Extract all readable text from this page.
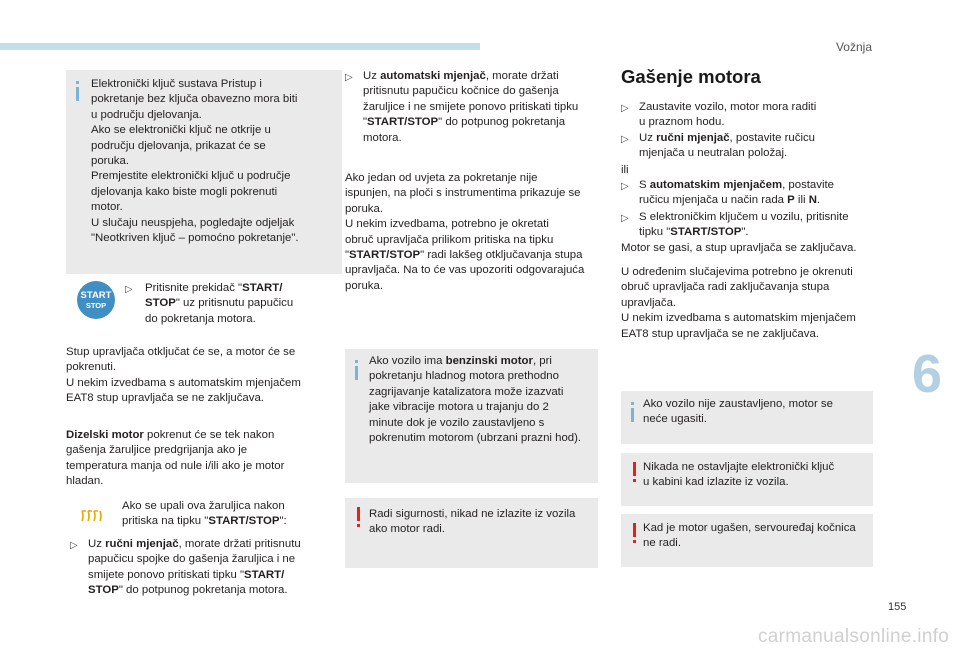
Vožnja
6
155
carmanualsonline.info

Elektronički ključ sustava Pristup i
pokretanje bez ključa obavezno mora biti
u području djelovanja.
Ako se elektronički ključ ne otkrije u
području djelovanja, prikazat će se
poruka.
Premjestite elektronički ključ u područje
djelovanja kako biste mogli pokrenuti
motor.
U slučaju neuspjeha, pogledajte odjeljak
"Neotkriven ključ – pomoćno pokretanje".

START
STOP
▷ Pritisnite prekidač "START/
STOP" uz pritisnutu papučicu
do pokretanja motora.

Stup upravljača otključat će se, a motor će se
pokrenuti.
U nekim izvedbama s automatskim mjenjačem
EAT8 stup upravljača se ne zaključava.

Dizelski motor pokrenut će se tek nakon
gašenja žaruljice predgrijanja ako je
temperatura manja od nule i/ili ako je motor
hladan.

Ako se upali ova žaruljica nakon
pritiska na tipku "START/STOP":

▷ Uz ručni mjenjač, morate držati pritisnutu
papučicu spojke do gašenja žaruljica i ne
smijete ponovo pritiskati tipku "START/
STOP" do potpunog pokretanja motora.

▷ Uz automatski mjenjač, morate držati
pritisnutu papučicu kočnice do gašenja
žaruljice i ne smijete ponovo pritiskati tipku
"START/STOP" do potpunog pokretanja
motora.

Ako jedan od uvjeta za pokretanje nije
ispunjen, na ploči s instrumentima prikazuje se
poruka.
U nekim izvedbama, potrebno je okretati
obruč upravljača prilikom pritiska na tipku
"START/STOP" radi lakšeg otključavanja stupa
upravljača. Na to će vas upozoriti odgovarajuća
poruka.

Ako vozilo ima benzinski motor, pri
pokretanju hladnog motora prethodno
zagrijavanje katalizatora može izazvati
jake vibracije motora u trajanju do 2
minute dok je vozilo zaustavljeno s
pokrenutim motorom (ubrzani prazni hod).

Radi sigurnosti, nikad ne izlazite iz vozila
ako motor radi.

Gašenje motora
▷ Zaustavite vozilo, motor mora raditi
u praznom hodu.

▷ Uz ručni mjenjač, postavite ručicu
mjenjača u neutralan položaj.

ili

▷ S automatskim mjenjačem, postavite
ručicu mjenjača u način rada P ili N.

▷ S elektroničkim ključem u vozilu, pritisnite
tipku "START/STOP".

Motor se gasi, a stup upravljača se zaključava.

U određenim slučajevima potrebno je okrenuti
obruč upravljača radi zaključavanja stupa
upravljača.
U nekim izvedbama s automatskim mjenjačem
EAT8 stup upravljača se ne zaključava.

Ako vozilo nije zaustavljeno, motor se
neće ugasiti.

Nikada ne ostavljajte elektronički ključ
u kabini kad izlazite iz vozila.

Kad je motor ugašen, servouređaj kočnica
ne radi.
